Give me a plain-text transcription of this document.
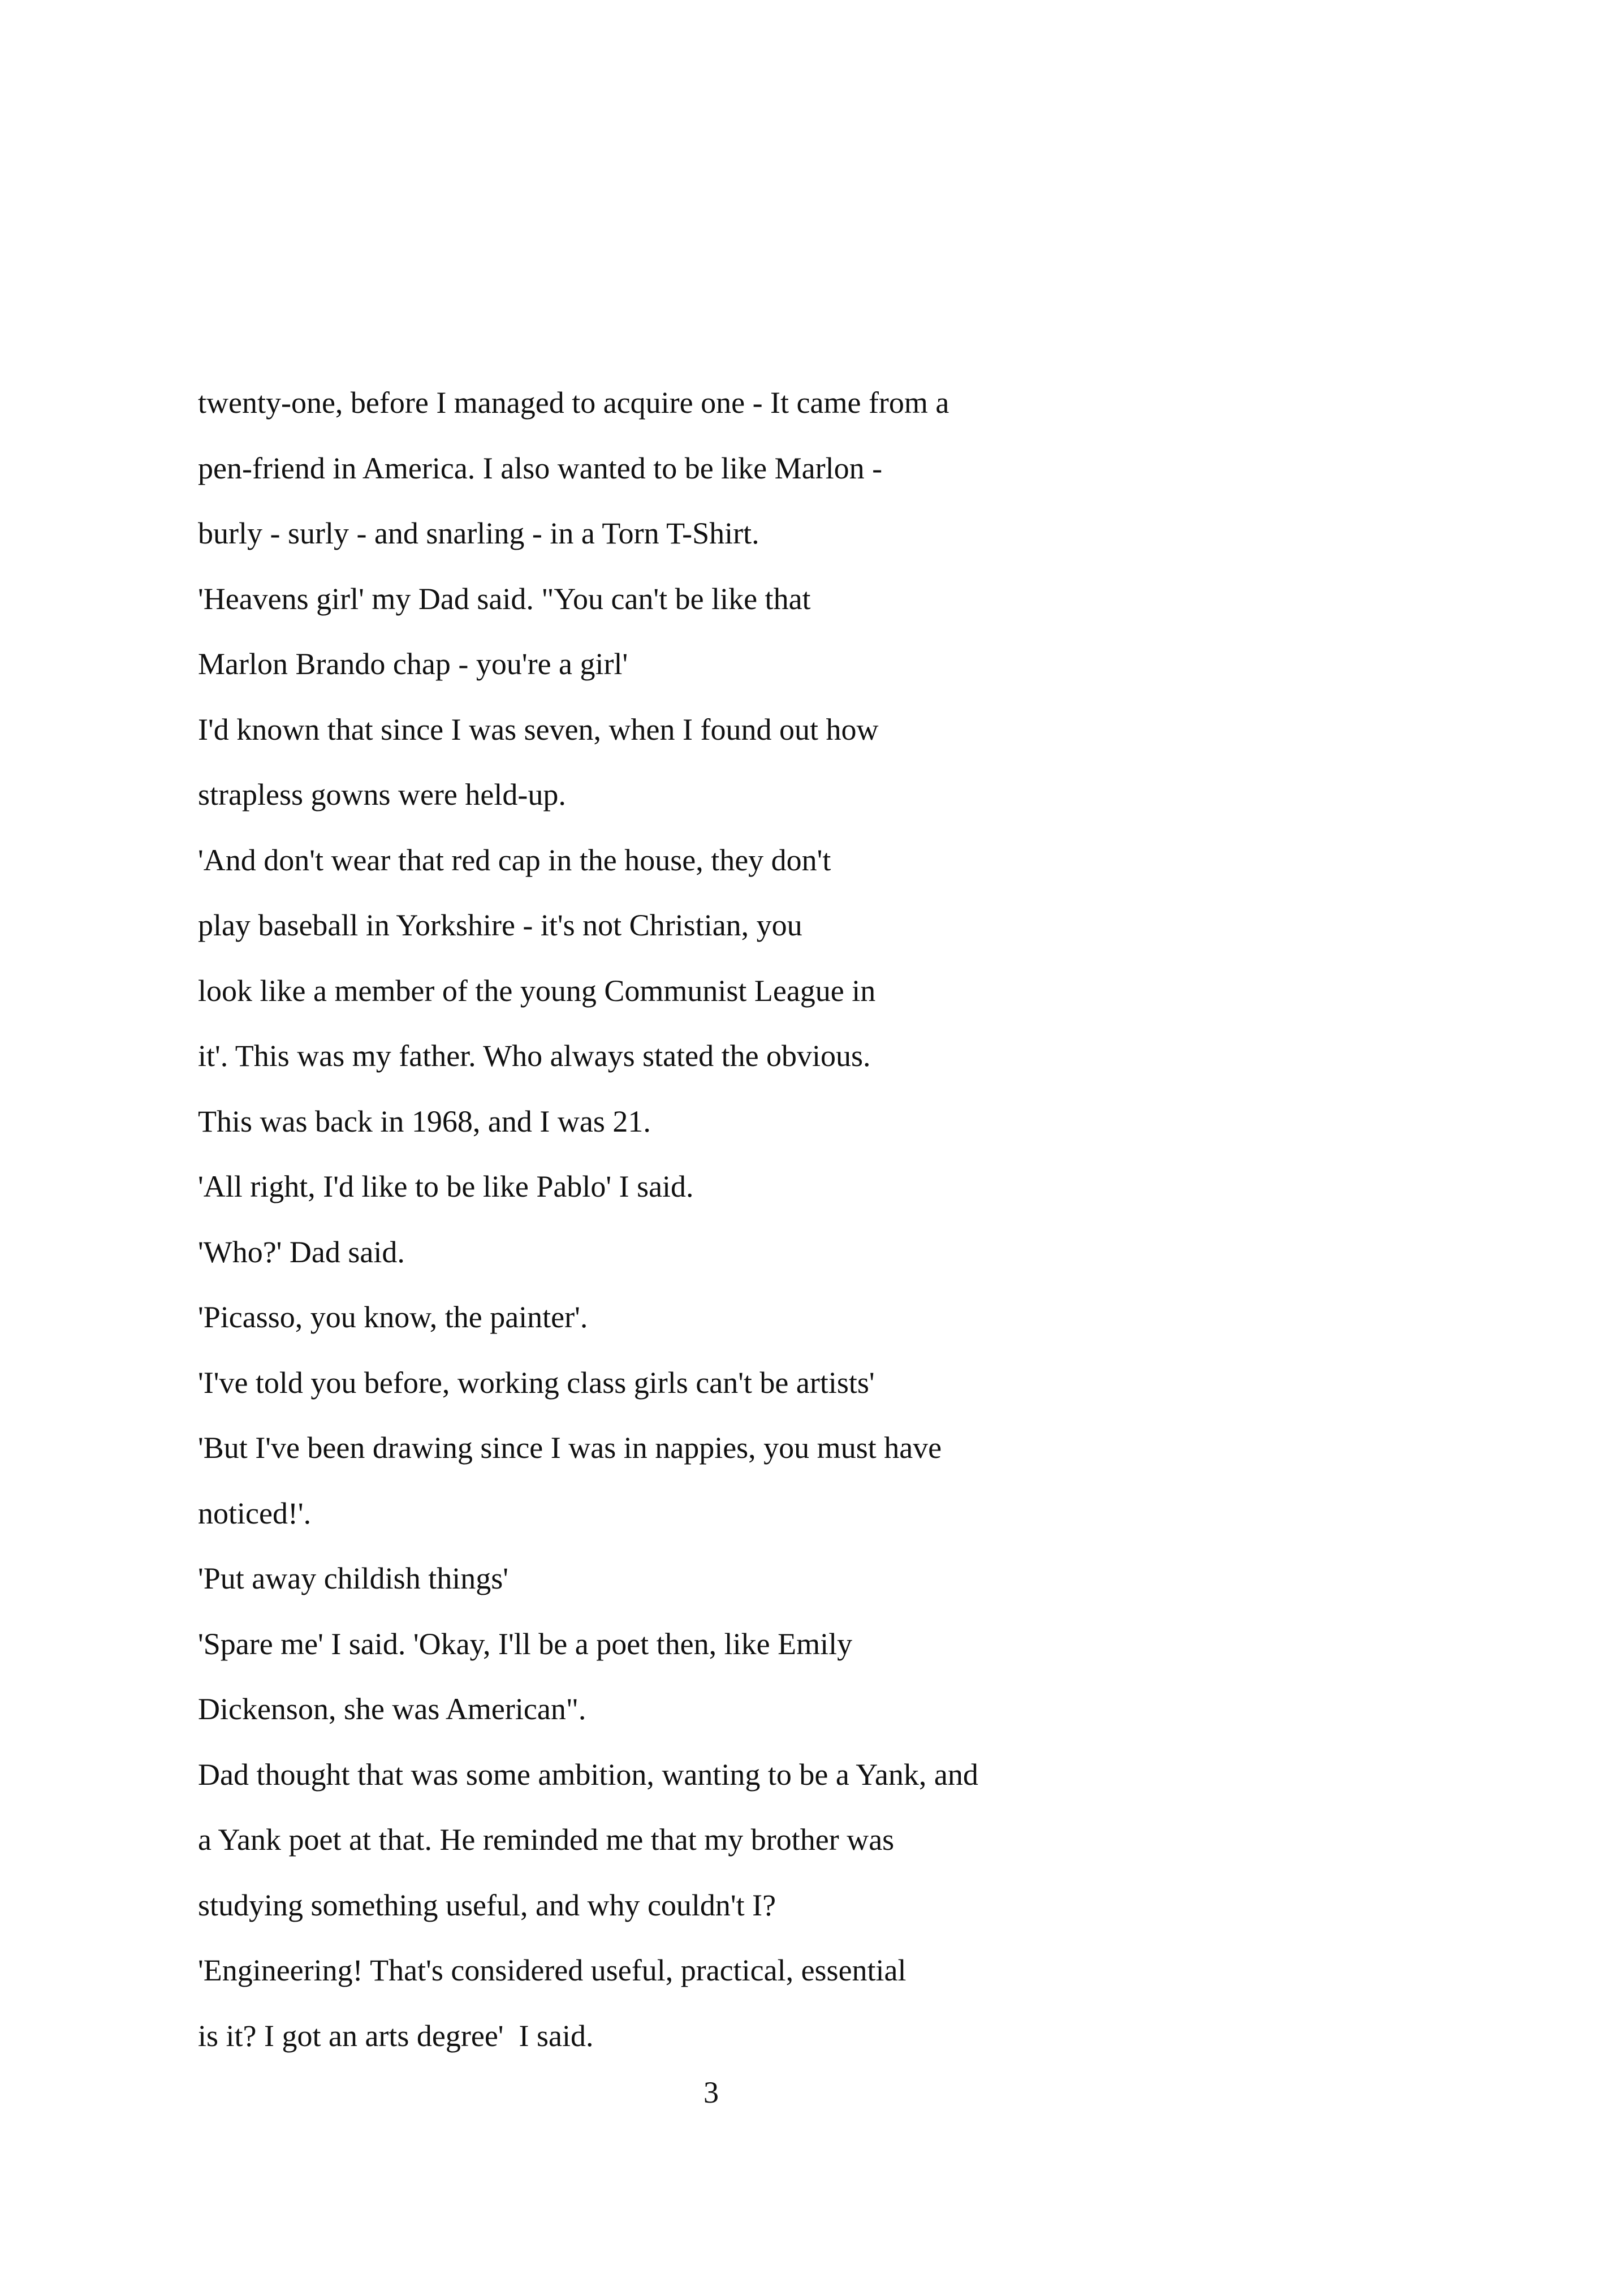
twenty-one, before I managed to acquire one - It came from a
pen-friend in America. I also wanted to be like Marlon -
burly - surly - and snarling - in a Torn T-Shirt.
'Heavens girl' my Dad said. "You can't be like that
Marlon Brando chap - you're a girl'
I'd known that since I was seven, when I found out how
strapless gowns were held-up.
'And don't wear that red cap in the house, they don't
play baseball in Yorkshire - it's not Christian, you
look like a member of the young Communist League in
it'. This was my father. Who always stated the obvious.
This was back in 1968, and I was 21.
'All right, I'd like to be like Pablo' I said.
'Who?' Dad said.
'Picasso, you know, the painter'.
'I've told you before, working class girls can't be artists'
'But I've been drawing since I was in nappies, you must have
noticed!'.
'Put away childish things'
'Spare me' I said. 'Okay, I'll be a poet then, like Emily
Dickenson, she was American".
Dad thought that was some ambition, wanting to be a Yank, and
a Yank poet at that. He reminded me that my brother was
studying something useful, and why couldn't I?
'Engineering! That's considered useful, practical, essential
is it? I got an arts degree'  I said.
3
